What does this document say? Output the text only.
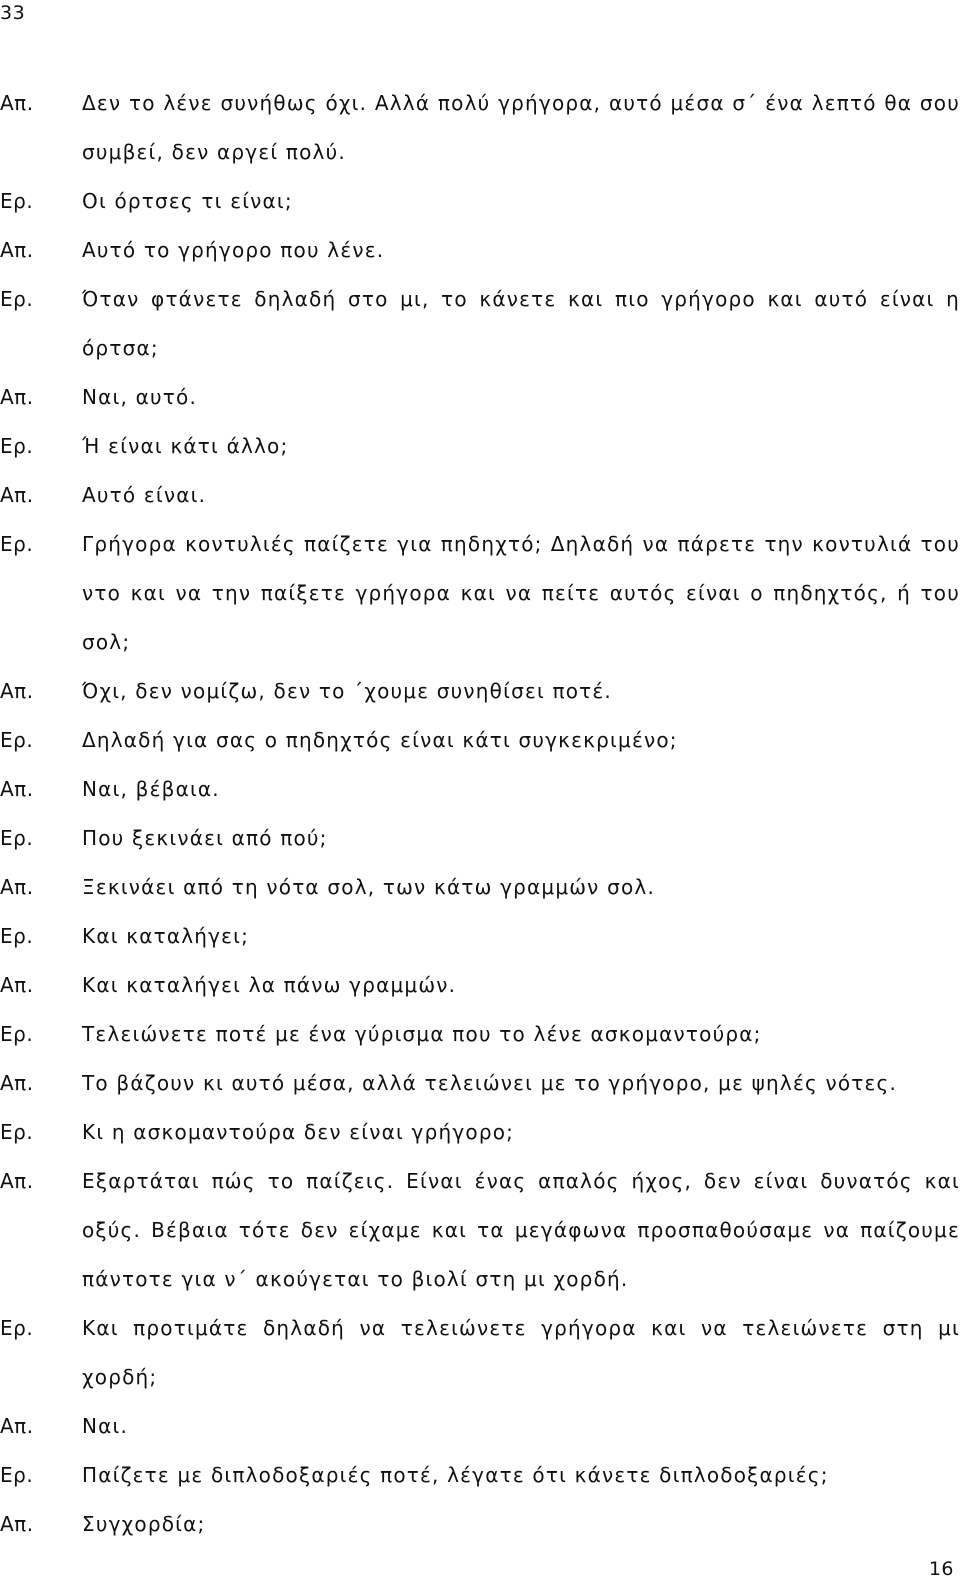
33
Απ.	Δεν το λένε συνήθως όχι. Αλλά πολύ γρήγορα, αυτό μέσα σ΄ ένα λεπτό θα σου συμβεί, δεν αργεί πολύ.
Ερ.	Οι όρτσες τι είναι;
Απ.	Αυτό το γρήγορο που λένε.
Ερ.	Όταν φτάνετε δηλαδή στο μι, το κάνετε και πιο γρήγορο και αυτό είναι η όρτσα;
Απ.	Ναι, αυτό.
Ερ.	Ή είναι κάτι άλλο;
Απ.	Αυτό είναι.
Ερ.	Γρήγορα κοντυλιές παίζετε για πηδηχτό; Δηλαδή να πάρετε την κοντυλιά του ντο και να την παίξετε γρήγορα και να πείτε αυτός είναι ο πηδηχτός, ή του σολ;
Απ.	Όχι, δεν νομίζω, δεν το ΄χουμε συνηθίσει ποτέ.
Ερ.	Δηλαδή για σας ο πηδηχτός είναι κάτι συγκεκριμένο;
Απ.	Ναι, βέβαια.
Ερ.	Που ξεκινάει από πού;
Απ.	Ξεκινάει από τη νότα σολ, των κάτω γραμμών σολ.
Ερ.	Και καταλήγει;
Απ.	Και καταλήγει λα πάνω γραμμών.
Ερ.	Τελειώνετε ποτέ με ένα γύρισμα που το λένε ασκομαντούρα;
Απ.	Το βάζουν κι αυτό μέσα, αλλά τελειώνει με το γρήγορο, με ψηλές νότες.
Ερ.	Κι η ασκομαντούρα δεν είναι γρήγορο;
Απ.	Εξαρτάται πώς το παίζεις. Είναι ένας απαλός ήχος, δεν είναι δυνατός και οξύς. Βέβαια τότε δεν είχαμε και τα μεγάφωνα προσπαθούσαμε να παίζουμε πάντοτε για ν΄ ακούγεται το βιολί στη μι χορδή.
Ερ.	Και προτιμάτε δηλαδή να τελειώνετε γρήγορα και να τελειώνετε στη μι χορδή;
Απ.	Ναι.
Ερ.	Παίζετε με διπλοδοξαριές ποτέ, λέγατε ότι κάνετε διπλοδοξαριές;
Απ.	Συγχορδία;
16
